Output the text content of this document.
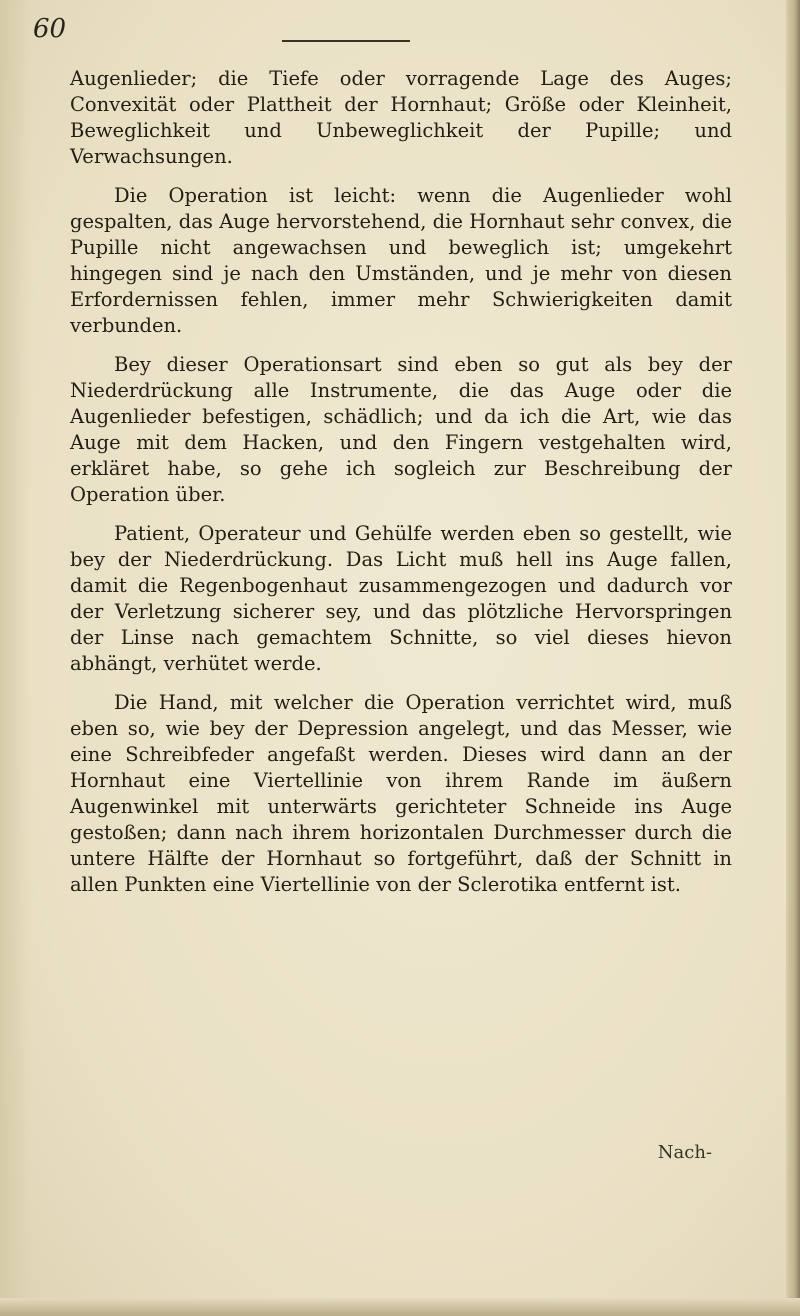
60

Augenlieder; die Tiefe oder vorragende Lage des Auges; Convexität oder Plattheit der Hornhaut; Größe oder Kleinheit, Beweglichkeit und Unbeweglichkeit der Pupille; und Verwachsungen.

Die Operation ist leicht: wenn die Augenlieder wohl gespalten, das Auge hervorstehend, die Hornhaut sehr convex, die Pupille nicht angewachsen und beweglich ist; umgekehrt hingegen sind je nach den Umständen, und je mehr von diesen Erfordernissen fehlen, immer mehr Schwierigkeiten damit verbunden.

Bey dieser Operationsart sind eben so gut als bey der Niederdrückung alle Instrumente, die das Auge oder die Augenlieder befestigen, schädlich; und da ich die Art, wie das Auge mit dem Hacken, und den Fingern vestgehalten wird, erkläret habe, so gehe ich sogleich zur Beschreibung der Operation über.

Patient, Operateur und Gehülfe werden eben so gestellt, wie bey der Niederdrückung. Das Licht muß hell ins Auge fallen, damit die Regenbogenhaut zusammengezogen und dadurch vor der Verletzung sicherer sey, und das plötzliche Hervorspringen der Linse nach gemachtem Schnitte, so viel dieses hievon abhängt, verhütet werde.

Die Hand, mit welcher die Operation verrichtet wird, muß eben so, wie bey der Depression angelegt, und das Messer, wie eine Schreibfeder angefaßt werden. Dieses wird dann an der Hornhaut eine Viertellinie von ihrem Rande im äußern Augenwinkel mit unterwärts gerichteter Schneide ins Auge gestoßen; dann nach ihrem horizontalen Durchmesser durch die untere Hälfte der Hornhaut so fortgeführt, daß der Schnitt in allen Punkten eine Viertellinie von der Sclerotika entfernt ist.

Nach-
